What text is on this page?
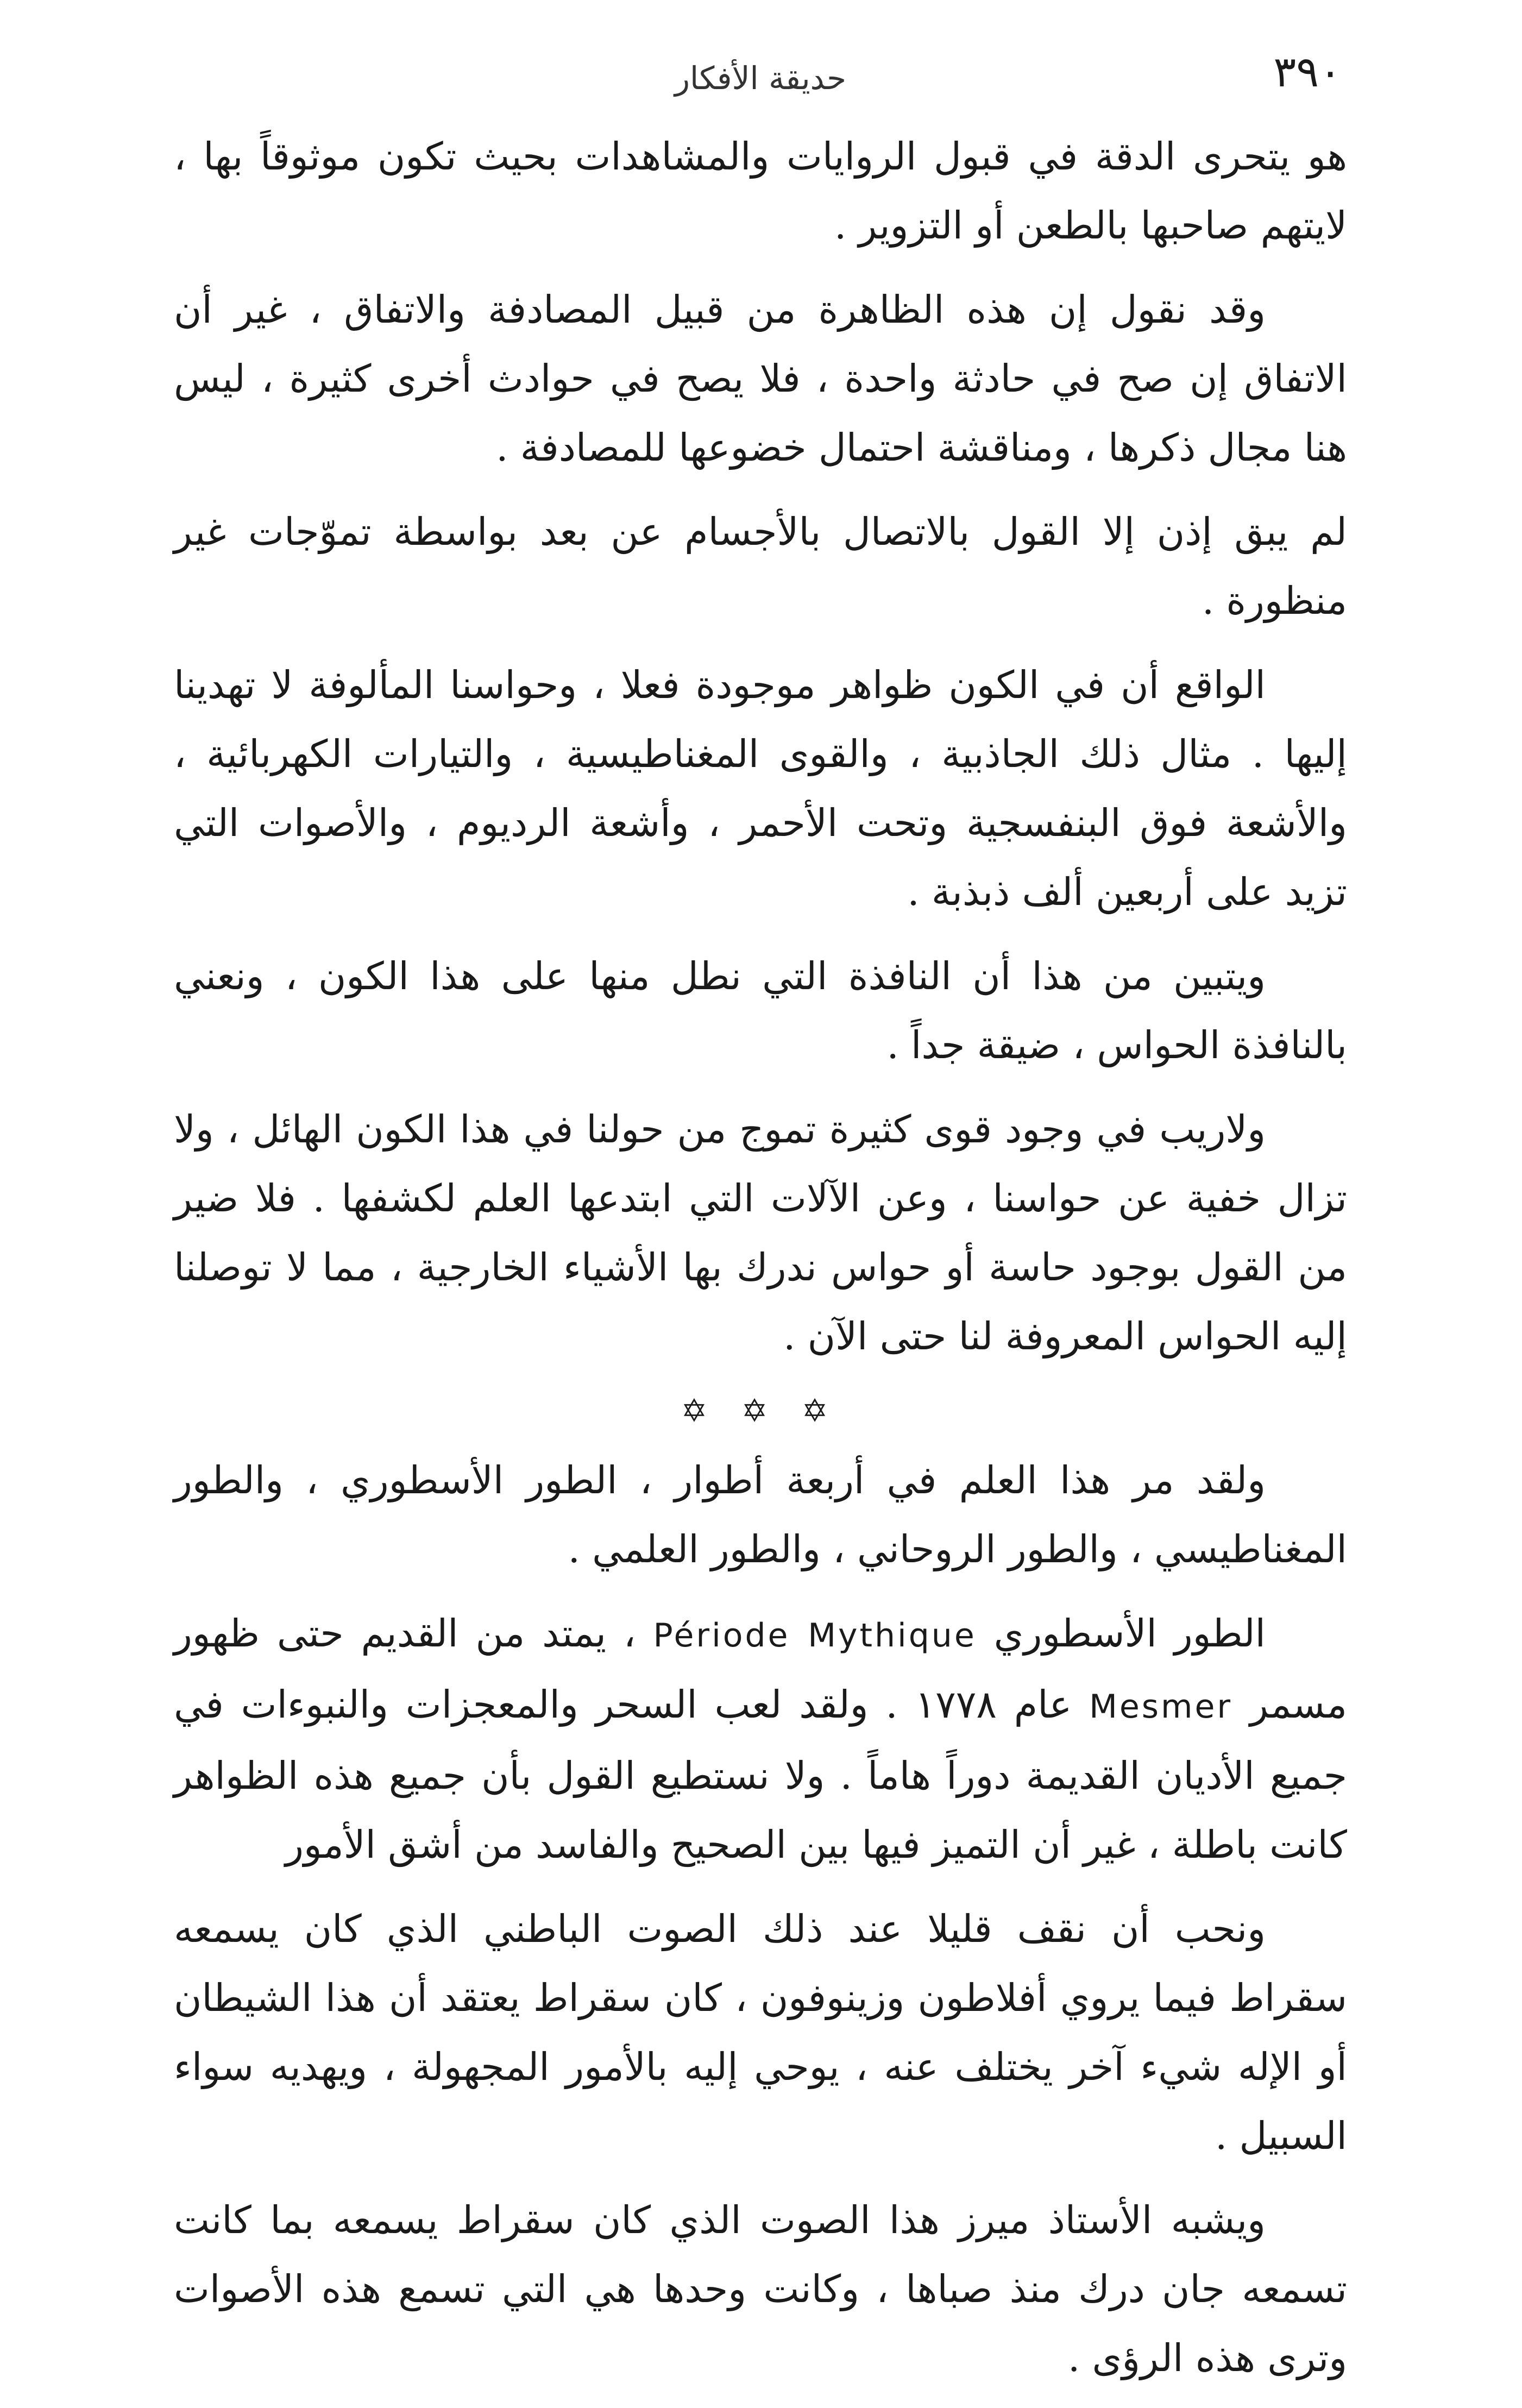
٣٩٠
حديقة الأفكار

هو يتحرى الدقة في قبول الروايات والمشاهدات بحيث تكون موثوقاً بها ، لايتهم صاحبها بالطعن أو التزوير .

وقد نقول إن هذه الظاهرة من قبيل المصادفة والاتفاق ، غير أن الاتفاق إن صح في حادثة واحدة ، فلا يصح في حوادث أخرى كثيرة ، ليس هنا مجال ذكرها ، ومناقشة احتمال خضوعها للمصادفة .

لم يبق إذن إلا القول بالاتصال بالأجسام عن بعد بواسطة تموّجات غير منظورة .

الواقع أن في الكون ظواهر موجودة فعلا ، وحواسنا المألوفة لا تهدينا إليها . مثال ذلك الجاذبية ، والقوى المغناطيسية ، والتيارات الكهربائية ، والأشعة فوق البنفسجية وتحت الأحمر ، وأشعة الرديوم ، والأصوات التي تزيد على أربعين ألف ذبذبة .

ويتبين من هذا أن النافذة التي نطل منها على هذا الكون ، ونعني بالنافذة الحواس ، ضيقة جداً .

ولاريب في وجود قوى كثيرة تموج من حولنا في هذا الكون الهائل ، ولا تزال خفية عن حواسنا ، وعن الآلات التي ابتدعها العلم لكشفها . فلا ضير من القول بوجود حاسة أو حواس ندرك بها الأشياء الخارجية ، مما لا توصلنا إليه الحواس المعروفة لنا حتى الآن .

✡ ✡ ✡

ولقد مر هذا العلم في أربعة أطوار ، الطور الأسطوري ، والطور المغناطيسي ، والطور الروحاني ، والطور العلمي .

الطور الأسطوري Période Mythique ، يمتد من القديم حتى ظهور مسمر Mesmer عام ١٧٧٨ . ولقد لعب السحر والمعجزات والنبوءات في جميع الأديان القديمة دوراً هاماً . ولا نستطيع القول بأن جميع هذه الظواهر كانت باطلة ، غير أن التميز فيها بين الصحيح والفاسد من أشق الأمور

ونحب أن نقف قليلا عند ذلك الصوت الباطني الذي كان يسمعه سقراط فيما يروي أفلاطون وزينوفون ، كان سقراط يعتقد أن هذا الشيطان أو الإله شيء آخر يختلف عنه ، يوحي إليه بالأمور المجهولة ، ويهديه سواء السبيل .

ويشبه الأستاذ ميرز هذا الصوت الذي كان سقراط يسمعه بما كانت تسمعه جان درك منذ صباها ، وكانت وحدها هي التي تسمع هذه الأصوات وترى هذه الرؤى .
